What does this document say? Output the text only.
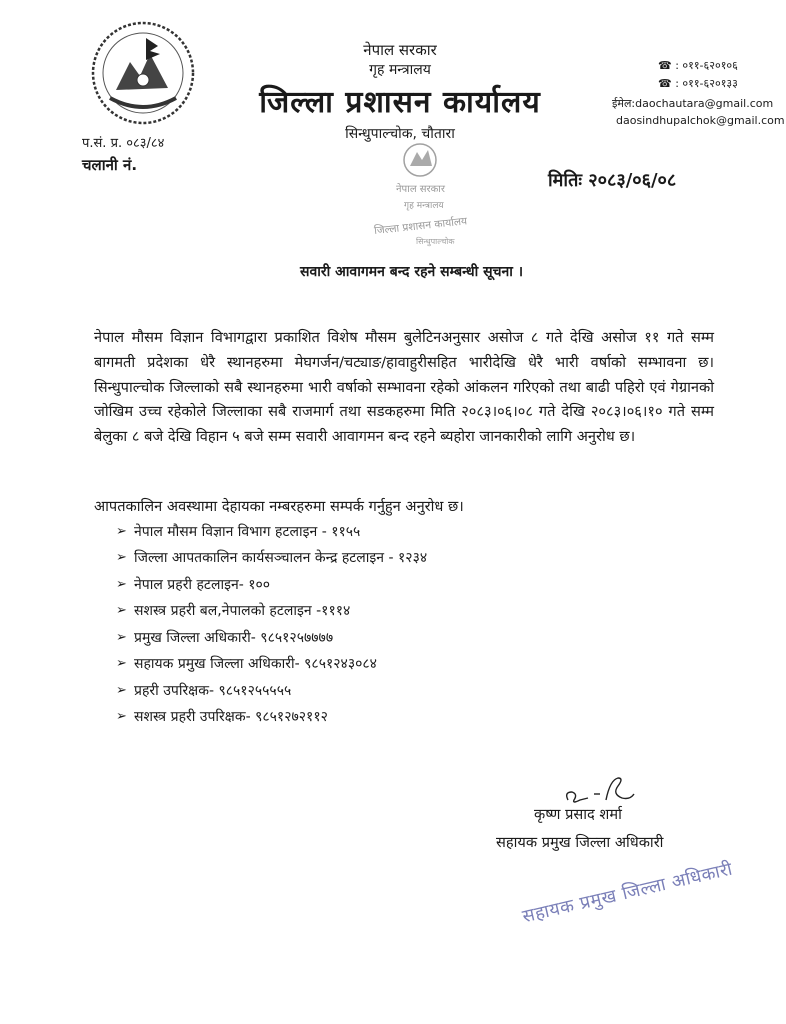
नेपाल सरकार
गृह मन्त्रालय
जिल्ला प्रशासन कार्यालय
सिन्धुपाल्चोक, चौतारा
प.सं. प्र. ०८३/८४
चलानी नं.
☎ : ०११-६२०१०६
☎ : ०११-६२०१३३
ईमेल:daochautara@gmail.com
daosindhupalchok@gmail.com
मितिः २०८३/०६/०८
नेपाल सरकार
गृह मन्त्रालय
जिल्ला प्रशासन कार्यालय
सिन्धुपाल्चोक
सवारी आवागमन बन्द रहने सम्बन्धी सूचना ।

नेपाल मौसम विज्ञान विभागद्वारा प्रकाशित विशेष मौसम बुलेटिनअनुसार असोज ८ गते देखि असोज ११ गते सम्म बागमती प्रदेशका धेरै स्थानहरुमा मेघगर्जन/चट्याङ/हावाहुरीसहित भारीदेखि धेरै भारी वर्षाको सम्भावना छ। सिन्धुपाल्चोक जिल्लाको सबै स्थानहरुमा भारी वर्षाको सम्भावना रहेको आंकलन गरिएको तथा बाढी पहिरो एवं गेग्रानको जोखिम उच्च रहेकोले जिल्लाका सबै राजमार्ग तथा सडकहरुमा मिति २०८३।०६।०८ गते देखि २०८३।०६।१० गते सम्म बेलुका ८ बजे देखि विहान ५ बजे सम्म सवारी आवागमन बन्द रहने ब्यहोरा जानकारीको लागि अनुरोध छ।

आपतकालिन अवस्थामा देहायका नम्बरहरुमा सम्पर्क गर्नुहुन अनुरोध छ।
➢ नेपाल मौसम विज्ञान विभाग हटलाइन - ११५५
➢ जिल्ला आपतकालिन कार्यसञ्चालन केन्द्र हटलाइन - १२३४
➢ नेपाल प्रहरी हटलाइन- १००
➢ सशस्त्र प्रहरी बल,नेपालको हटलाइन -१११४
➢ प्रमुख जिल्ला अधिकारी- ९८५१२५७७७७
➢ सहायक प्रमुख जिल्ला अधिकारी- ९८५१२४३०८४
➢ प्रहरी उपरिक्षक- ९८५१२५५५५५
➢ सशस्त्र प्रहरी उपरिक्षक- ९८५१२७२११२
कृष्ण प्रसाद शर्मा
सहायक प्रमुख जिल्ला अधिकारी
सहायक प्रमुख जिल्ला अधिकारी
